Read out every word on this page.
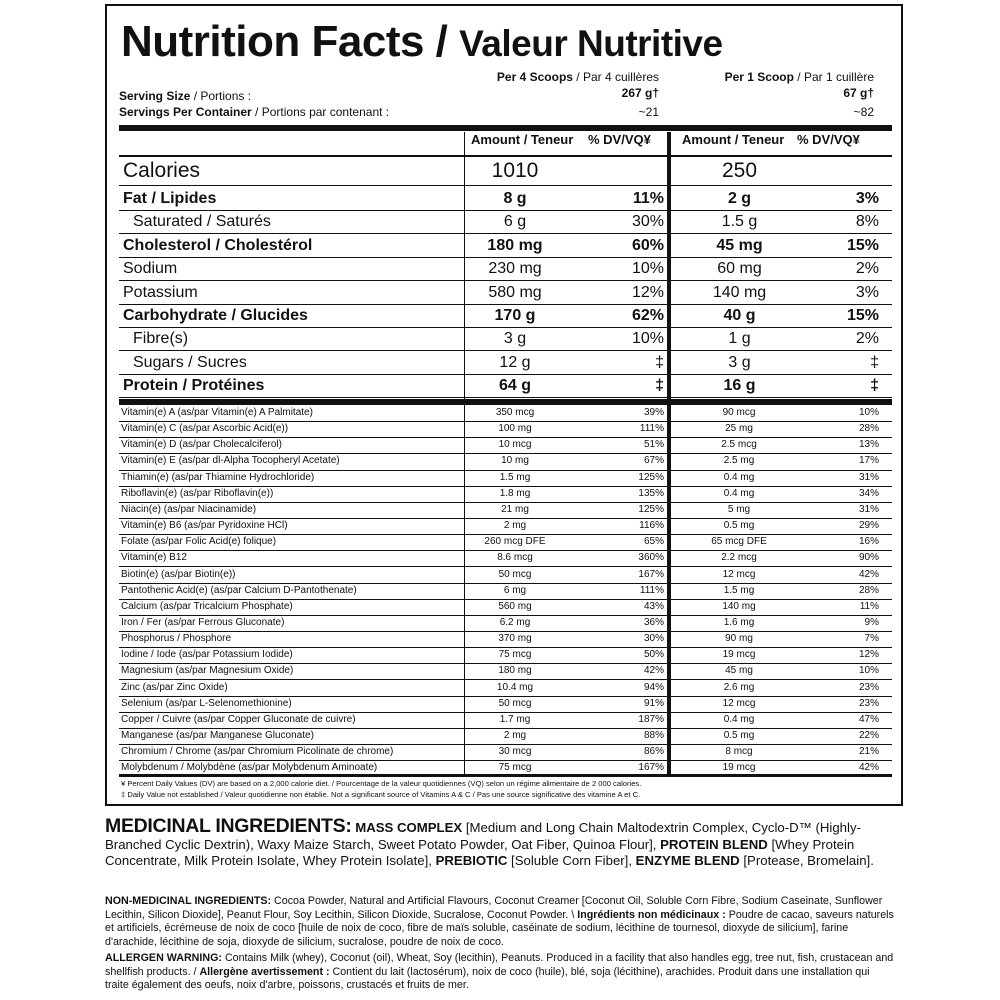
Nutrition Facts / Valeur Nutritive
Per 4 Scoops / Par 4 cuillères	Per 1 Scoop / Par 1 cuillère
Serving Size / Portions :	267 g†	67 g†
Servings Per Container / Portions par contenant :	~21	~82
Amount / Teneur % DV/VQ¥ Amount / Teneur % DV/VQ¥
Calories	1010	250
Fat / Lipides	8 g	11%	2 g	3%
Saturated / Saturés	6 g	30%	1.5 g	8%
Cholesterol / Cholestérol	180 mg	60%	45 mg	15%
Sodium	230 mg	10%	60 mg	2%
Potassium	580 mg	12%	140 mg	3%
Carbohydrate / Glucides	170 g	62%	40 g	15%
Fibre(s)	3 g	10%	1 g	2%
Sugars / Sucres	12 g	‡	3 g	‡
Protein / Protéines	64 g	‡	16 g	‡
Vitamin(e) A (as/par Vitamin(e) A Palmitate)	350 mcg	39%	90 mcg	10%
Vitamin(e) C (as/par Ascorbic Acid(e))	100 mg	111%	25 mg	28%
Vitamin(e) D (as/par Cholecalciferol)	10 mcg	51%	2.5 mcg	13%
Vitamin(e) E (as/par dl-Alpha Tocopheryl Acetate)	10 mg	67%	2.5 mg	17%
Thiamin(e) (as/par Thiamine Hydrochloride)	1.5 mg	125%	0.4 mg	31%
Riboflavin(e) (as/par Riboflavin(e))	1.8 mg	135%	0.4 mg	34%
Niacin(e) (as/par Niacinamide)	21 mg	125%	5 mg	31%
Vitamin(e) B6 (as/par Pyridoxine HCl)	2 mg	116%	0.5 mg	29%
Folate (as/par Folic Acid(e) folique)	260 mcg DFE	65%	65 mcg DFE	16%
Vitamin(e) B12	8.6 mcg	360%	2.2 mcg	90%
Biotin(e) (as/par Biotin(e))	50 mcg	167%	12 mcg	42%
Pantothenic Acid(e) (as/par Calcium D-Pantothenate)	6 mg	111%	1.5 mg	28%
Calcium (as/par Tricalcium Phosphate)	560 mg	43%	140 mg	11%
Iron / Fer (as/par Ferrous Gluconate)	6.2 mg	36%	1.6 mg	9%
Phosphorus / Phosphore	370 mg	30%	90 mg	7%
Iodine / Iode (as/par Potassium Iodide)	75 mcg	50%	19 mcg	12%
Magnesium (as/par Magnesium Oxide)	180 mg	42%	45 mg	10%
Zinc (as/par Zinc Oxide)	10.4 mg	94%	2.6 mg	23%
Selenium (as/par L-Selenomethionine)	50 mcg	91%	12 mcg	23%
Copper / Cuivre (as/par Copper Gluconate de cuivre)	1.7 mg	187%	0.4 mg	47%
Manganese (as/par Manganese Gluconate)	2 mg	88%	0.5 mg	22%
Chromium / Chrome (as/par Chromium Picolinate de chrome)	30 mcg	86%	8 mcg	21%
Molybdenum / Molybdène (as/par Molybdenum Aminoate)	75 mcg	167%	19 mcg	42%
¥ Percent Daily Values (DV) are based on a 2,000 calorie diet. / Pourcentage de la valeur quotidiennes (VQ) selon un régime alimentaire de 2 000 calories.
‡ Daily Value not established / Valeur quotidienne non établie. Not a significant source of Vitamins A & C / Pas une source significative des vitamine A et C.
MEDICINAL INGREDIENTS: MASS COMPLEX [Medium and Long Chain Maltodextrin Complex, Cyclo-D™ (Highly-Branched Cyclic Dextrin), Waxy Maize Starch, Sweet Potato Powder, Oat Fiber, Quinoa Flour], PROTEIN BLEND [Whey Protein Concentrate, Milk Protein Isolate, Whey Protein Isolate], PREBIOTIC [Soluble Corn Fiber], ENZYME BLEND [Protease, Bromelain].
NON-MEDICINAL INGREDIENTS: Cocoa Powder, Natural and Artificial Flavours, Coconut Creamer [Coconut Oil, Soluble Corn Fibre, Sodium Caseinate, Sunflower Lecithin, Silicon Dioxide], Peanut Flour, Soy Lecithin, Silicon Dioxide, Sucralose, Coconut Powder. \ Ingrédients non médicinaux : Poudre de cacao, saveurs naturels et artificiels, écrémeuse de noix de coco [huile de noix de coco, fibre de maïs soluble, caséinate de sodium, lécithine de tournesol, dioxyde de silicium], farine d'arachide, lécithine de soja, dioxyde de silicium, sucralose, poudre de noix de coco.
ALLERGEN WARNING: Contains Milk (whey), Coconut (oil), Wheat, Soy (lecithin), Peanuts. Produced in a facility that also handles egg, tree nut, fish, crustacean and shellfish products. / Allergène avertissement : Contient du lait (lactosérum), noix de coco (huile), blé, soja (lécithine), arachides. Produit dans une installation qui traite également des oeufs, noix d'arbre, poissons, crustacés et fruits de mer.
